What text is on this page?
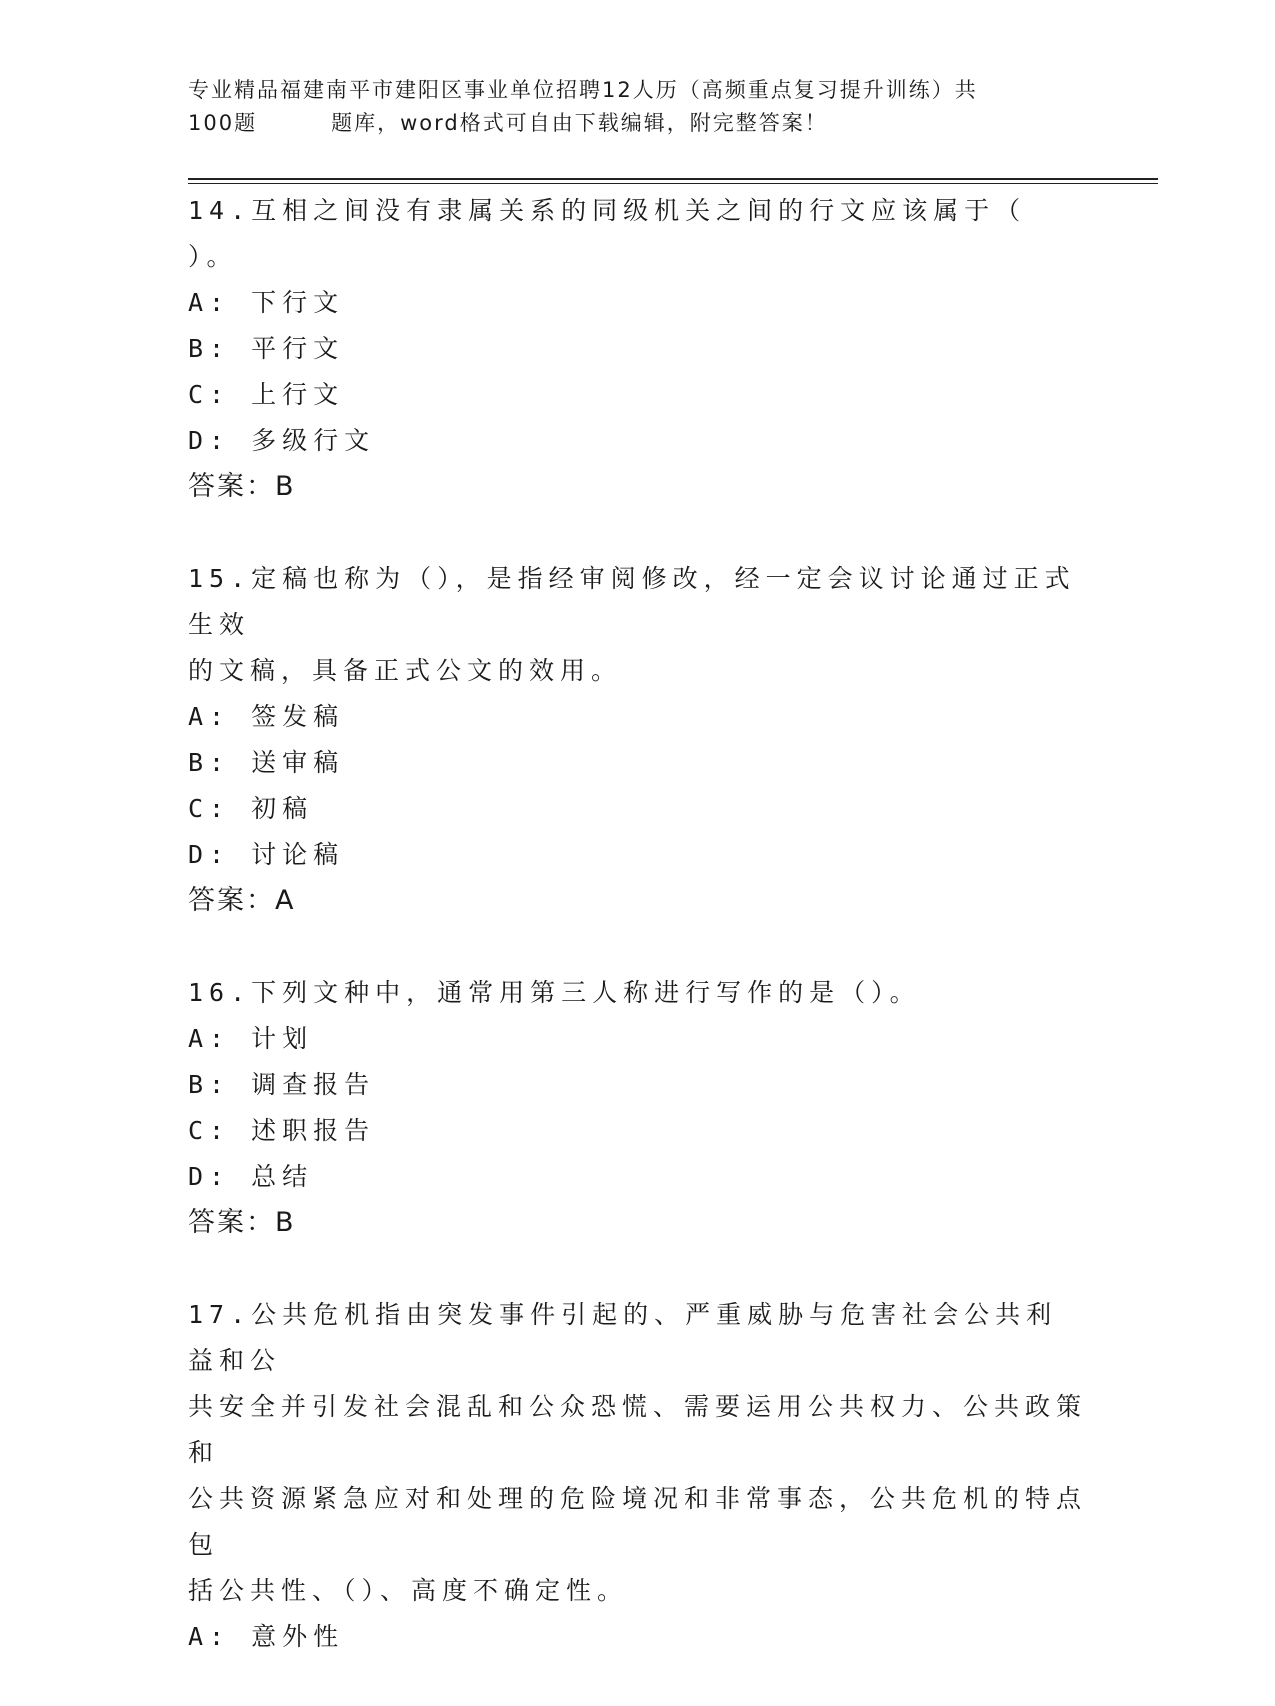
专业精品福建南平市建阳区事业单位招聘12人历（高频重点复习提升训练）共
100题	题库，word格式可自由下载编辑，附完整答案！

14.互相之间没有隶属关系的同级机关之间的行文应该属于（

）。

A: 下行文

B: 平行文

C: 上行文

D: 多级行文

答案：B

15.定稿也称为（），是指经审阅修改，经一定会议讨论通过正式生效

的文稿，具备正式公文的效用。

A: 签发稿

B: 送审稿

C: 初稿

D: 讨论稿

答案：A

16.下列文种中，通常用第三人称进行写作的是（）。

A: 计划

B: 调查报告

C: 述职报告

D: 总结

答案：B

17.公共危机指由突发事件引起的、严重威胁与危害社会公共利益和公

共安全并引发社会混乱和公众恐慌、需要运用公共权力、公共政策和

公共资源紧急应对和处理的危险境况和非常事态，公共危机的特点包

括公共性、（）、高度不确定性。

A: 意外性
